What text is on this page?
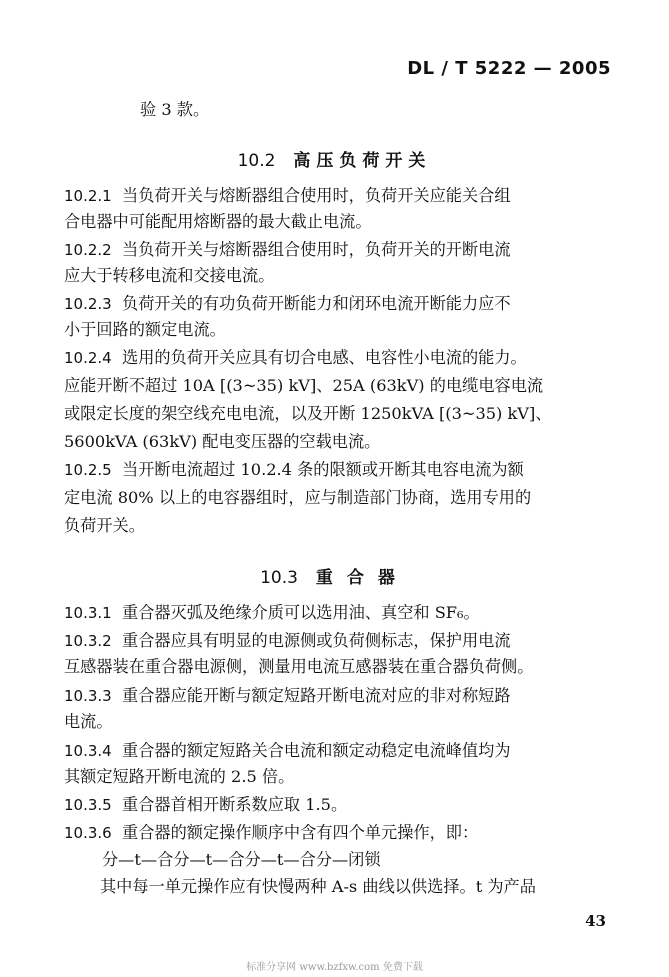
DL / T 5222 — 2005
验 3 款。
10.2 高压负荷开关
10.2.1 当负荷开关与熔断器组合使用时，负荷开关应能关合组
合电器中可能配用熔断器的最大截止电流。
10.2.2 当负荷开关与熔断器组合使用时，负荷开关的开断电流
应大于转移电流和交接电流。
10.2.3 负荷开关的有功负荷开断能力和闭环电流开断能力应不
小于回路的额定电流。
10.2.4 选用的负荷开关应具有切合电感、电容性小电流的能力。
应能开断不超过 10A [(3~35) kV]、25A (63kV) 的电缆电容电流
或限定长度的架空线充电电流，以及开断 1250kVA [(3~35) kV]、
5600kVA (63kV) 配电变压器的空载电流。
10.2.5 当开断电流超过 10.2.4 条的限额或开断其电容电流为额
定电流 80% 以上的电容器组时，应与制造部门协商，选用专用的
负荷开关。
10.3 重合器
10.3.1 重合器灭弧及绝缘介质可以选用油、真空和 SF₆。
10.3.2 重合器应具有明显的电源侧或负荷侧标志，保护用电流
互感器装在重合器电源侧，测量用电流互感器装在重合器负荷侧。
10.3.3 重合器应能开断与额定短路开断电流对应的非对称短路
电流。
10.3.4 重合器的额定短路关合电流和额定动稳定电流峰值均为
其额定短路开断电流的 2.5 倍。
10.3.5 重合器首相开断系数应取 1.5。
10.3.6 重合器的额定操作顺序中含有四个单元操作，即：
分—t—合分—t—合分—t—合分—闭锁
其中每一单元操作应有快慢两种 A-s 曲线以供选择。t 为产品
43
标准分享网 www.bzfxw.com 免费下载
